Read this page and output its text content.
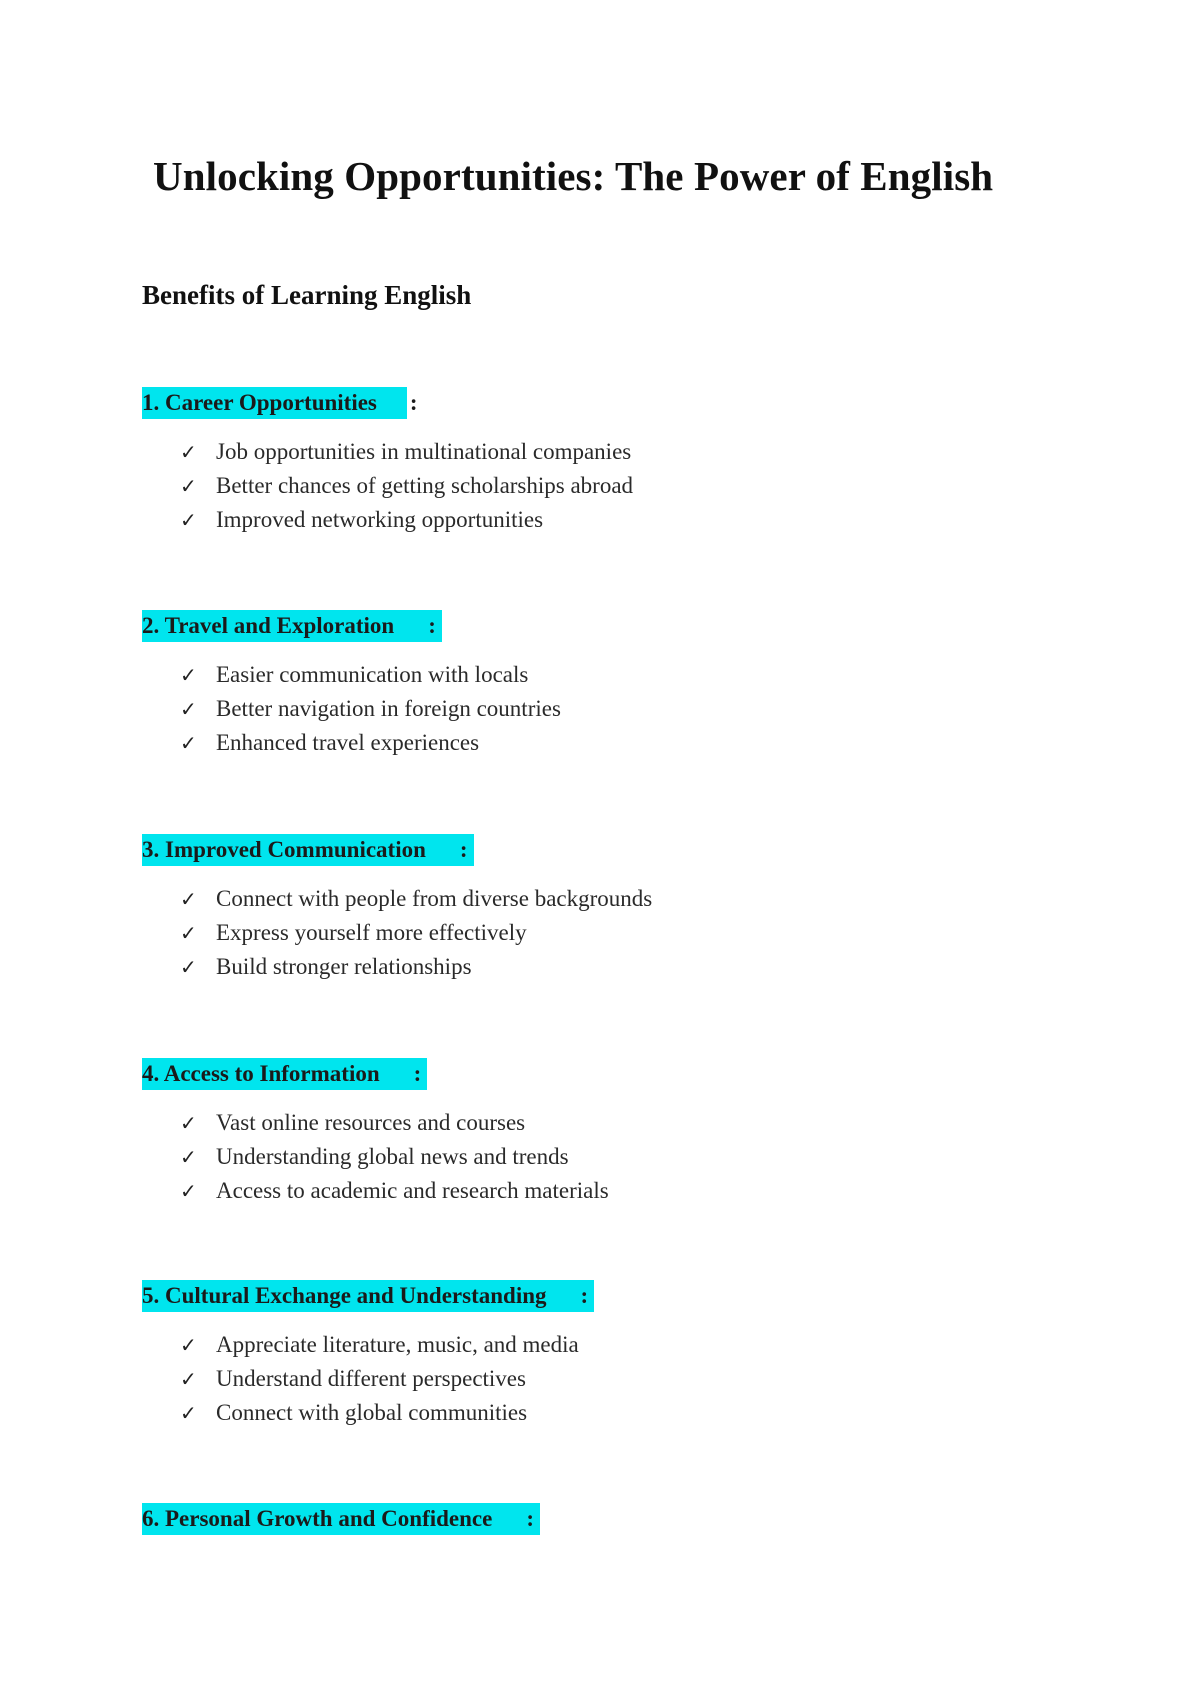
Unlocking Opportunities: The Power of English
Benefits of Learning English
1. Career Opportunities :
✓ Job opportunities in multinational companies
✓ Better chances of getting scholarships abroad
✓ Improved networking opportunities
2. Travel and Exploration :
✓ Easier communication with locals
✓ Better navigation in foreign countries
✓ Enhanced travel experiences
3. Improved Communication :
✓ Connect with people from diverse backgrounds
✓ Express yourself more effectively
✓ Build stronger relationships
4. Access to Information :
✓ Vast online resources and courses
✓ Understanding global news and trends
✓ Access to academic and research materials
5. Cultural Exchange and Understanding :
✓ Appreciate literature, music, and media
✓ Understand different perspectives
✓ Connect with global communities
6. Personal Growth and Confidence :
